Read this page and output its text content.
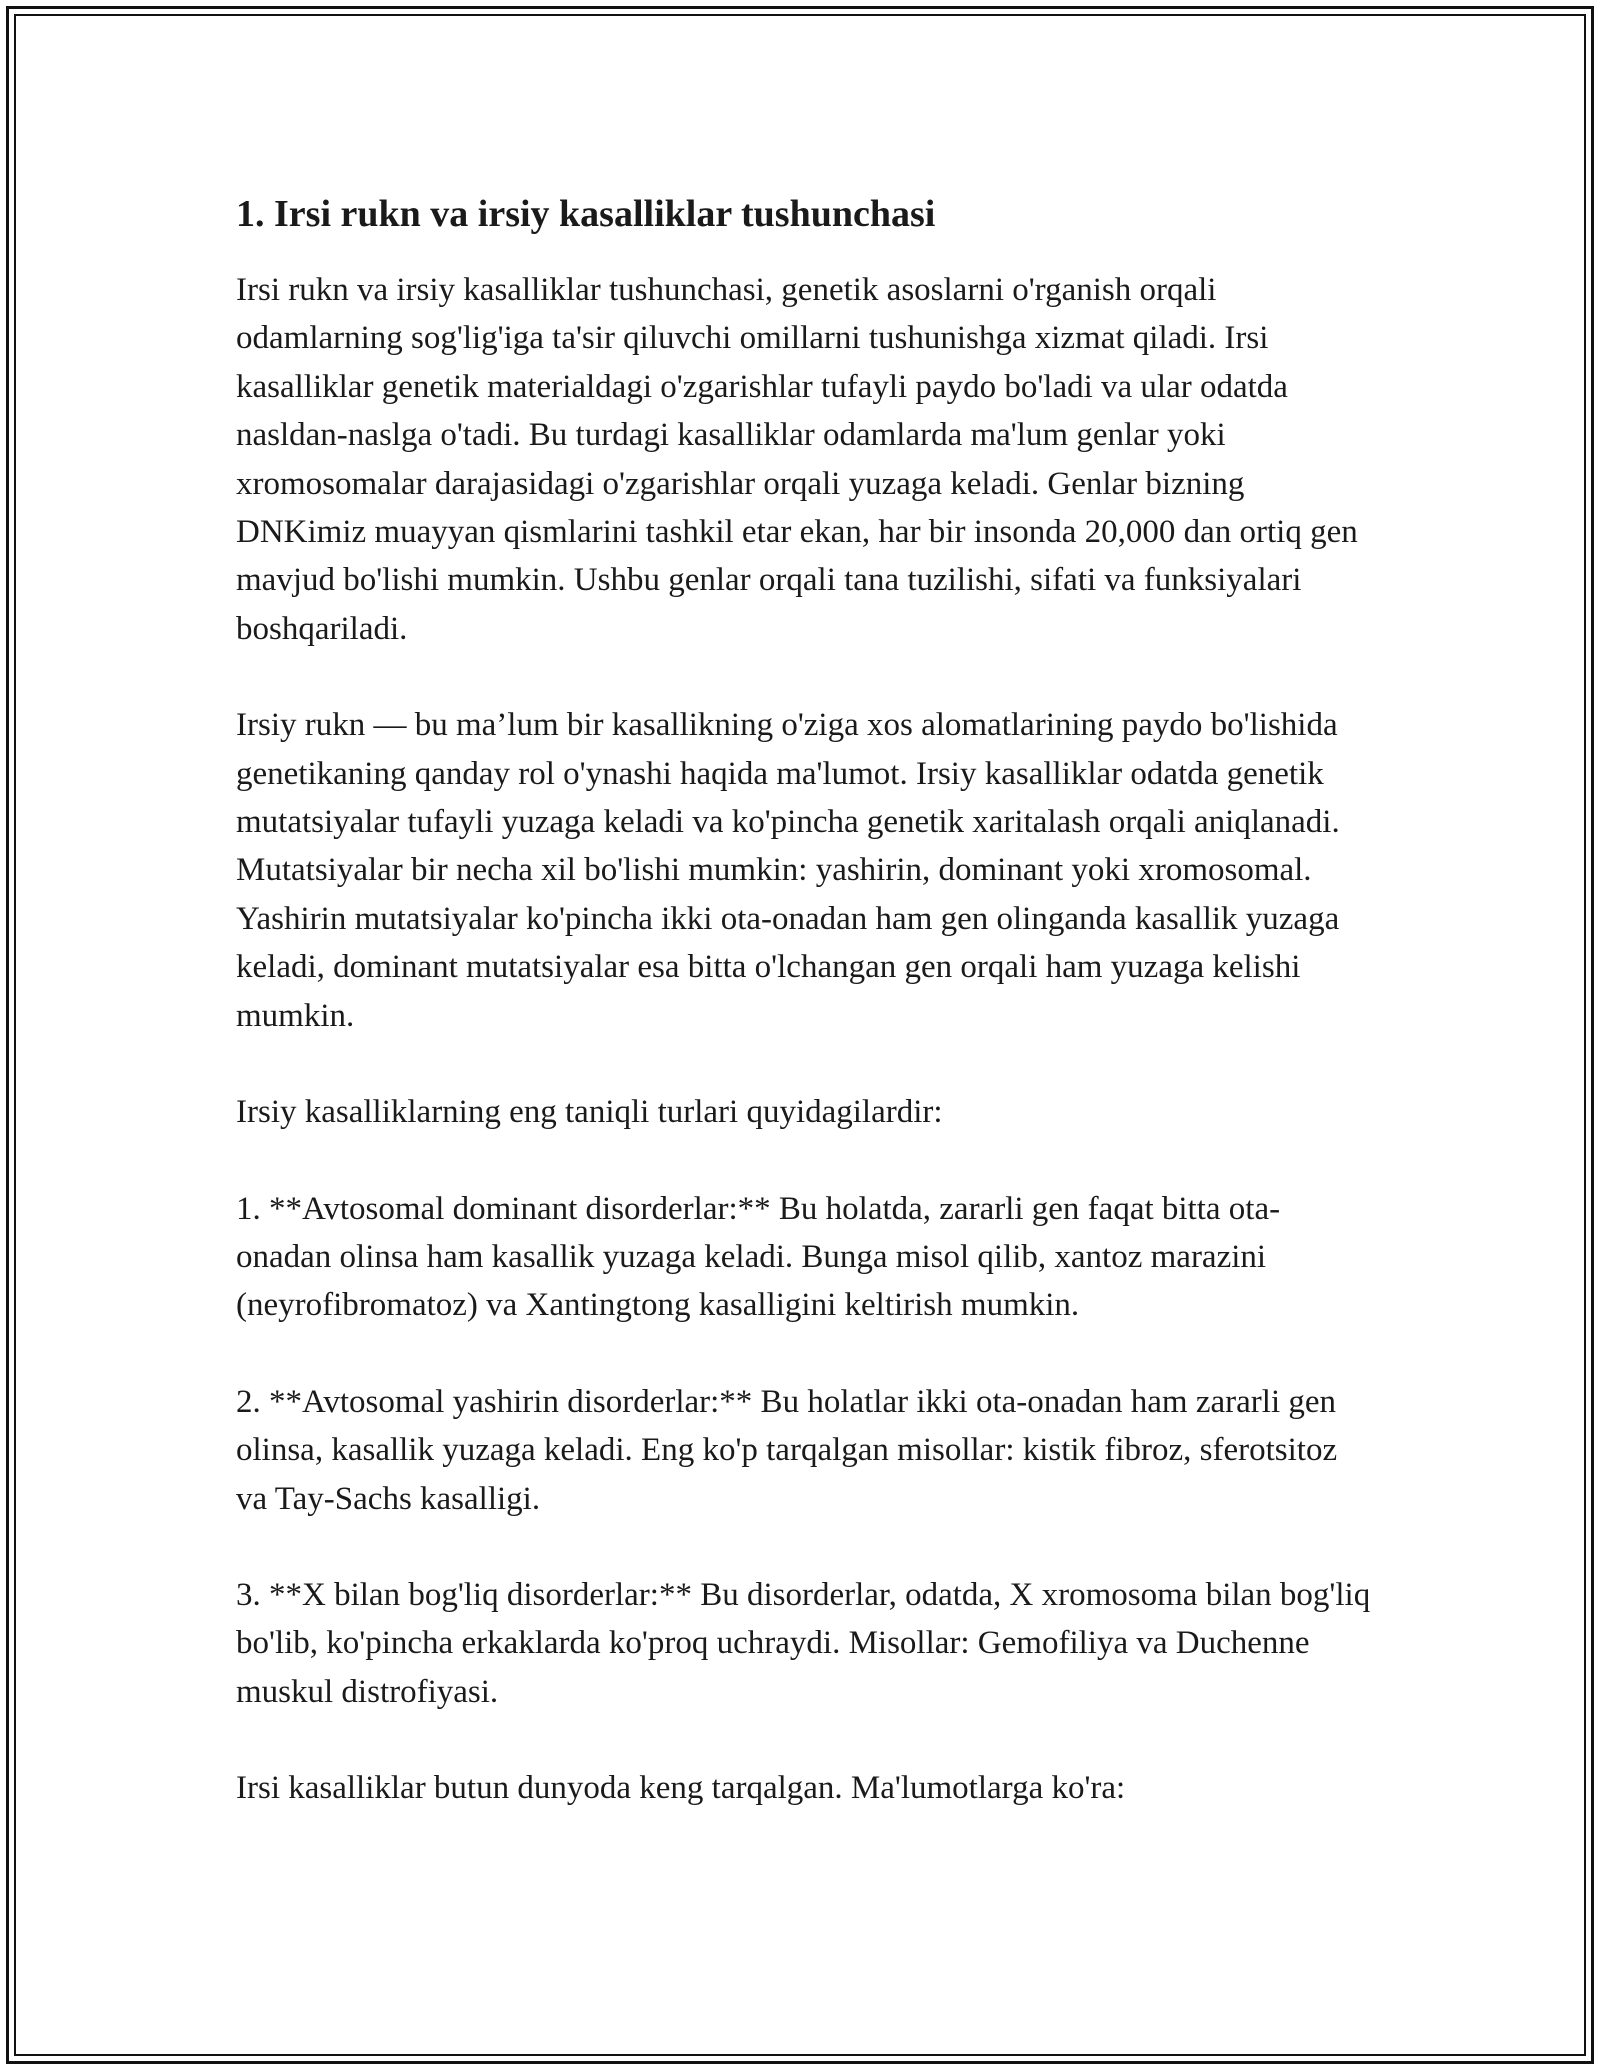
1. Irsi rukn va irsiy kasalliklar tushunchasi

Irsi rukn va irsiy kasalliklar tushunchasi, genetik asoslarni o'rganish orqali odamlarning sog'lig'iga ta'sir qiluvchi omillarni tushunishga xizmat qiladi. Irsi kasalliklar genetik materialdagi o'zgarishlar tufayli paydo bo'ladi va ular odatda nasldan-naslga o'tadi. Bu turdagi kasalliklar odamlarda ma'lum genlar yoki xromosomalar darajasidagi o'zgarishlar orqali yuzaga keladi. Genlar bizning DNKimiz muayyan qismlarini tashkil etar ekan, har bir insonda 20,000 dan ortiq gen mavjud bo'lishi mumkin. Ushbu genlar orqali tana tuzilishi, sifati va funksiyalari boshqariladi.

Irsiy rukn — bu ma’lum bir kasallikning o'ziga xos alomatlarining paydo bo'lishida genetikaning qanday rol o'ynashi haqida ma'lumot. Irsiy kasalliklar odatda genetik mutatsiyalar tufayli yuzaga keladi va ko'pincha genetik xaritalash orqali aniqlanadi. Mutatsiyalar bir necha xil bo'lishi mumkin: yashirin, dominant yoki xromosomal. Yashirin mutatsiyalar ko'pincha ikki ota-onadan ham gen olinganda kasallik yuzaga keladi, dominant mutatsiyalar esa bitta o'lchangan gen orqali ham yuzaga kelishi mumkin.

Irsiy kasalliklarning eng taniqli turlari quyidagilardir:

1. **Avtosomal dominant disorderlar:** Bu holatda, zararli gen faqat bitta ota-onadan olinsa ham kasallik yuzaga keladi. Bunga misol qilib, xantoz marazini (neyrofibromatoz) va Xantingtong kasalligini keltirish mumkin.

2. **Avtosomal yashirin disorderlar:** Bu holatlar ikki ota-onadan ham zararli gen olinsa, kasallik yuzaga keladi. Eng ko'p tarqalgan misollar: kistik fibroz, sferotsitoz va Tay-Sachs kasalligi.

3. **X bilan bog'liq disorderlar:** Bu disorderlar, odatda, X xromosoma bilan bog'liq bo'lib, ko'pincha erkaklarda ko'proq uchraydi. Misollar: Gemofiliya va Duchenne muskul distrofiyasi.

Irsi kasalliklar butun dunyoda keng tarqalgan. Ma'lumotlarga ko'ra:
